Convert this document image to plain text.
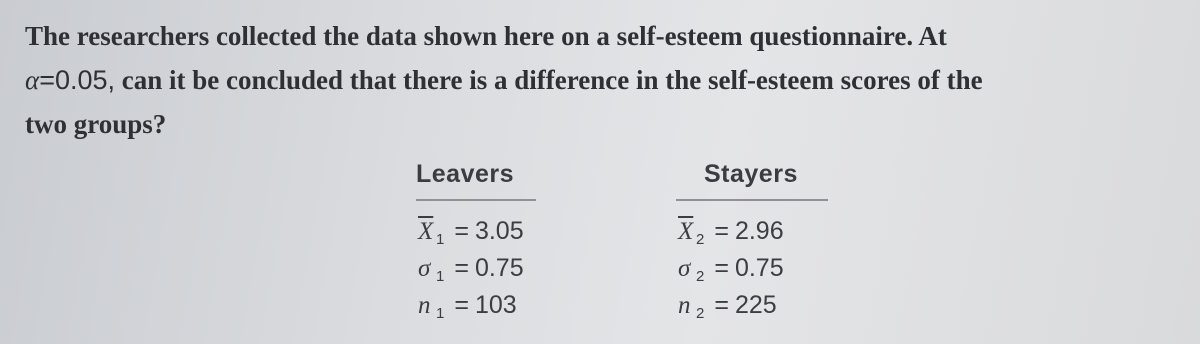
The researchers collected the data shown here on a self-esteem questionnaire. At
α=0.05, can it be concluded that there is a difference in the self-esteem scores of the
two groups?
Leavers
$\overline{X}$ $_1$ = 3.05
σ $_1$ = 0.75
n $_1$ = 103
Stayers
$\overline{X}$ $_2$ = 2.96
σ $_2$ = 0.75
n $_2$ = 225
